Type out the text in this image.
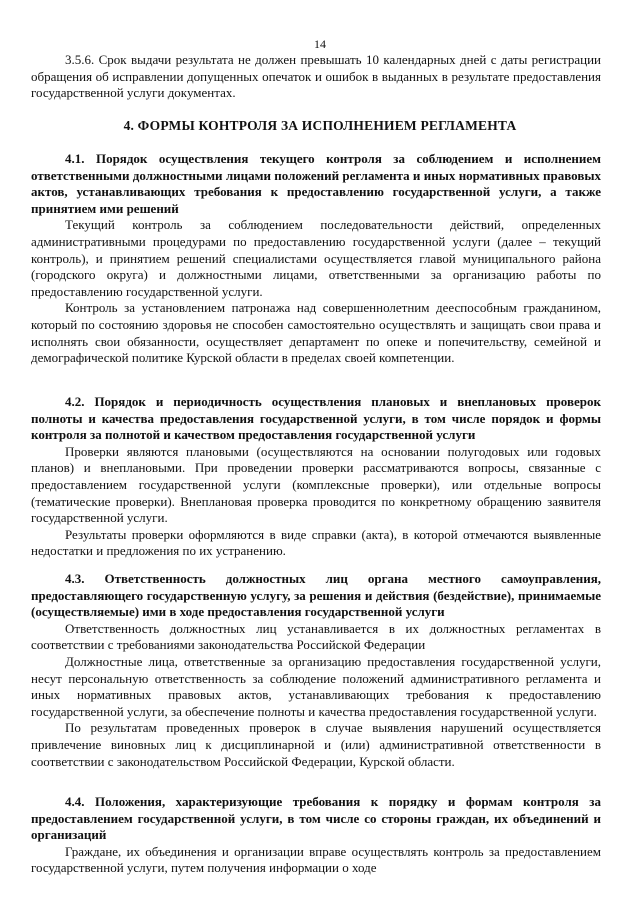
14

3.5.6. Срок выдачи результата не должен превышать 10 календарных дней с даты регистрации обращения об исправлении допущенных опечаток и ошибок в выданных в результате предоставления государственной услуги документах.

4. ФОРМЫ КОНТРОЛЯ ЗА ИСПОЛНЕНИЕМ РЕГЛАМЕНТА

4.1. Порядок осуществления текущего контроля за соблюдением и исполнением ответственными должностными лицами положений регламента и иных нормативных правовых актов, устанавливающих требования к предоставлению государственной услуги, а также принятием ими решений

Текущий контроль за соблюдением последовательности действий, определенных административными процедурами по предоставлению государственной услуги (далее – текущий контроль), и принятием решений специалистами осуществляется главой муниципального района (городского округа) и должностными лицами, ответственными за организацию работы по предоставлению государственной услуги.

Контроль за установлением патронажа над совершеннолетним дееспособным гражданином, который по состоянию здоровья не способен самостоятельно осуществлять и защищать свои права и исполнять свои обязанности, осуществляет департамент по опеке и попечительству, семейной и демографической политике Курской области в пределах своей компетенции.

4.2. Порядок и периодичность осуществления плановых и внеплановых проверок полноты и качества предоставления государственной услуги, в том числе порядок и формы контроля за полнотой и качеством предоставления государственной услуги

Проверки являются плановыми (осуществляются на основании полугодовых или годовых планов) и внеплановыми. При проведении проверки рассматриваются вопросы, связанные с предоставлением государственной услуги (комплексные проверки), или отдельные вопросы (тематические проверки). Внеплановая проверка проводится по конкретному обращению заявителя государственной услуги.

Результаты проверки оформляются в виде справки (акта), в которой отмечаются выявленные недостатки и предложения по их устранению.

4.3. Ответственность должностных лиц органа местного самоуправления, предоставляющего государственную услугу, за решения и действия (бездействие), принимаемые (осуществляемые) ими в ходе предоставления государственной услуги

Ответственность должностных лиц устанавливается в их должностных регламентах в соответствии с требованиями законодательства Российской Федерации

Должностные лица, ответственные за организацию предоставления государственной услуги, несут персональную ответственность за соблюдение положений административного регламента и иных нормативных правовых актов, устанавливающих требования к предоставлению государственной услуги, за обеспечение полноты и качества предоставления государственной услуги.

По результатам проведенных проверок в случае выявления нарушений осуществляется привлечение виновных лиц к дисциплинарной и (или) административной ответственности в соответствии с законодательством Российской Федерации, Курской области.

4.4. Положения, характеризующие требования к порядку и формам контроля за предоставлением государственной услуги, в том числе со стороны граждан, их объединений и организаций

Граждане, их объединения и организации вправе осуществлять контроль за предоставлением государственной услуги, путем получения информации о ходе
